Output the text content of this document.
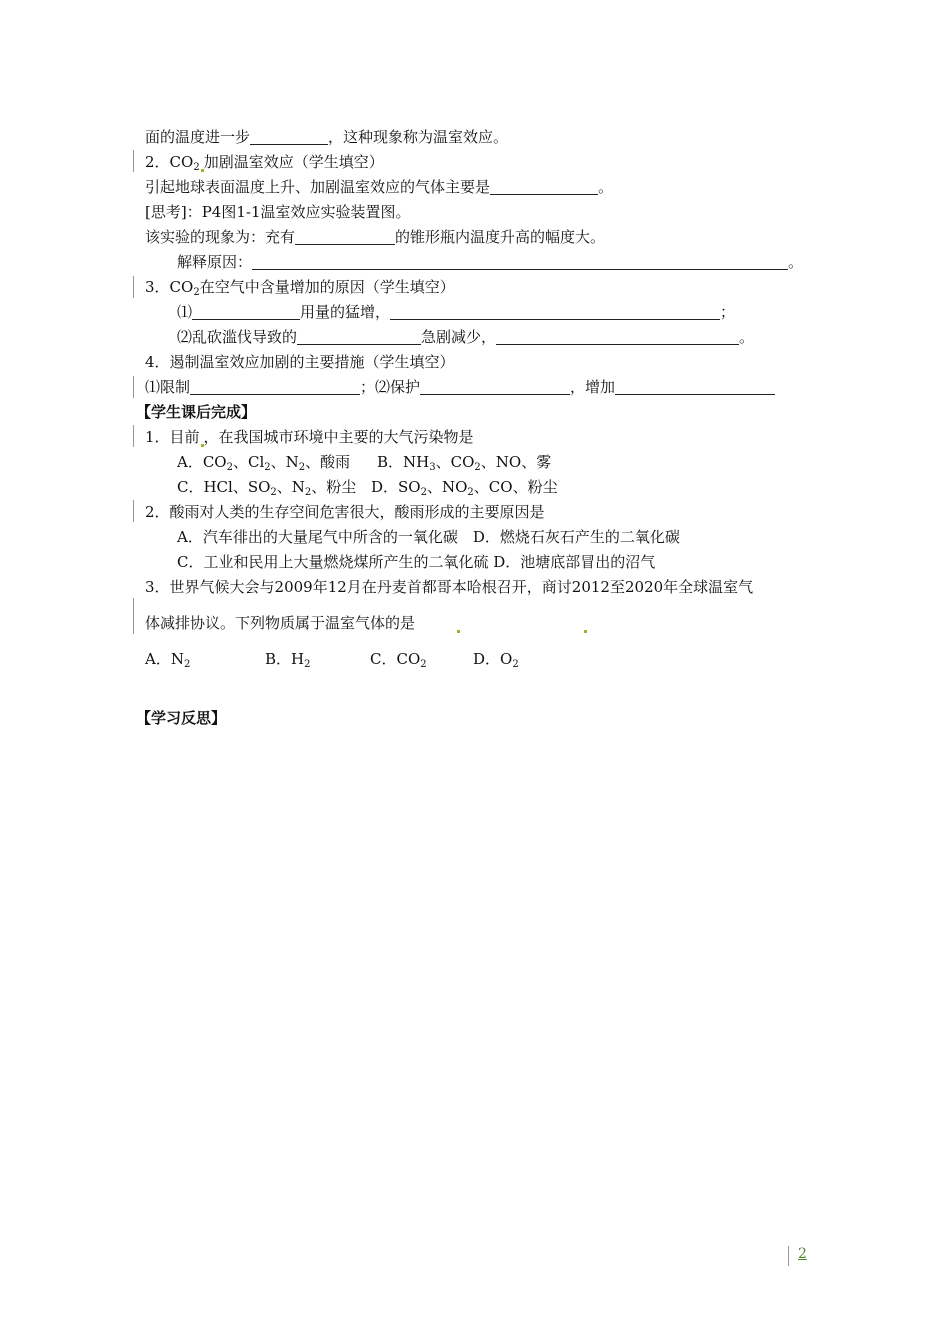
面的温度进一步	，这种现象称为温室效应。
2．$CO_2$ 加剧温室效应（学生填空）
引起地球表面温度上升、加剧温室效应的气体主要是	。
[思考]：P4图1-1温室效应实验装置图。
该实验的现象为：充有	的锥形瓶内温度升高的幅度大。
解释原因：	。
3．$CO_2$在空气中含量增加的原因（学生填空）
⑴	用量的猛增，	；
⑵乱砍滥伐导致的	急剧减少，	。
4．遏制温室效应加剧的主要措施（学生填空）
⑴限制	；⑵保护	，增加
【学生课后完成】
1．目前 ，在我国城市环境中主要的大气污染物是
A．$CO_2$、$Cl_2$、$N_2$、酸雨 B．$NH_3$、$CO_2$、NO、雾
C．HCl、$SO_2$、$N_2$、粉尘 D．$SO_2$、$NO_2$、CO、粉尘
2．酸雨对人类的生存空间危害很大，酸雨形成的主要原因是
A．汽车徘出的大量尾气中所含的一氧化碳　D．燃烧石灰石产生的二氧化碳
C．工业和民用上大量燃烧煤所产生的二氧化硫 D．池塘底部冒出的沼气
3．世界气候大会与2009年12月在丹麦首都哥本哈根召开，商讨2012至2020年全球温室气
体减排协议。下列物质属于温室气体的是
A．$N_2$	B．$H_2$	C．$CO_2$	D．$O_2$
【学习反思】
2
